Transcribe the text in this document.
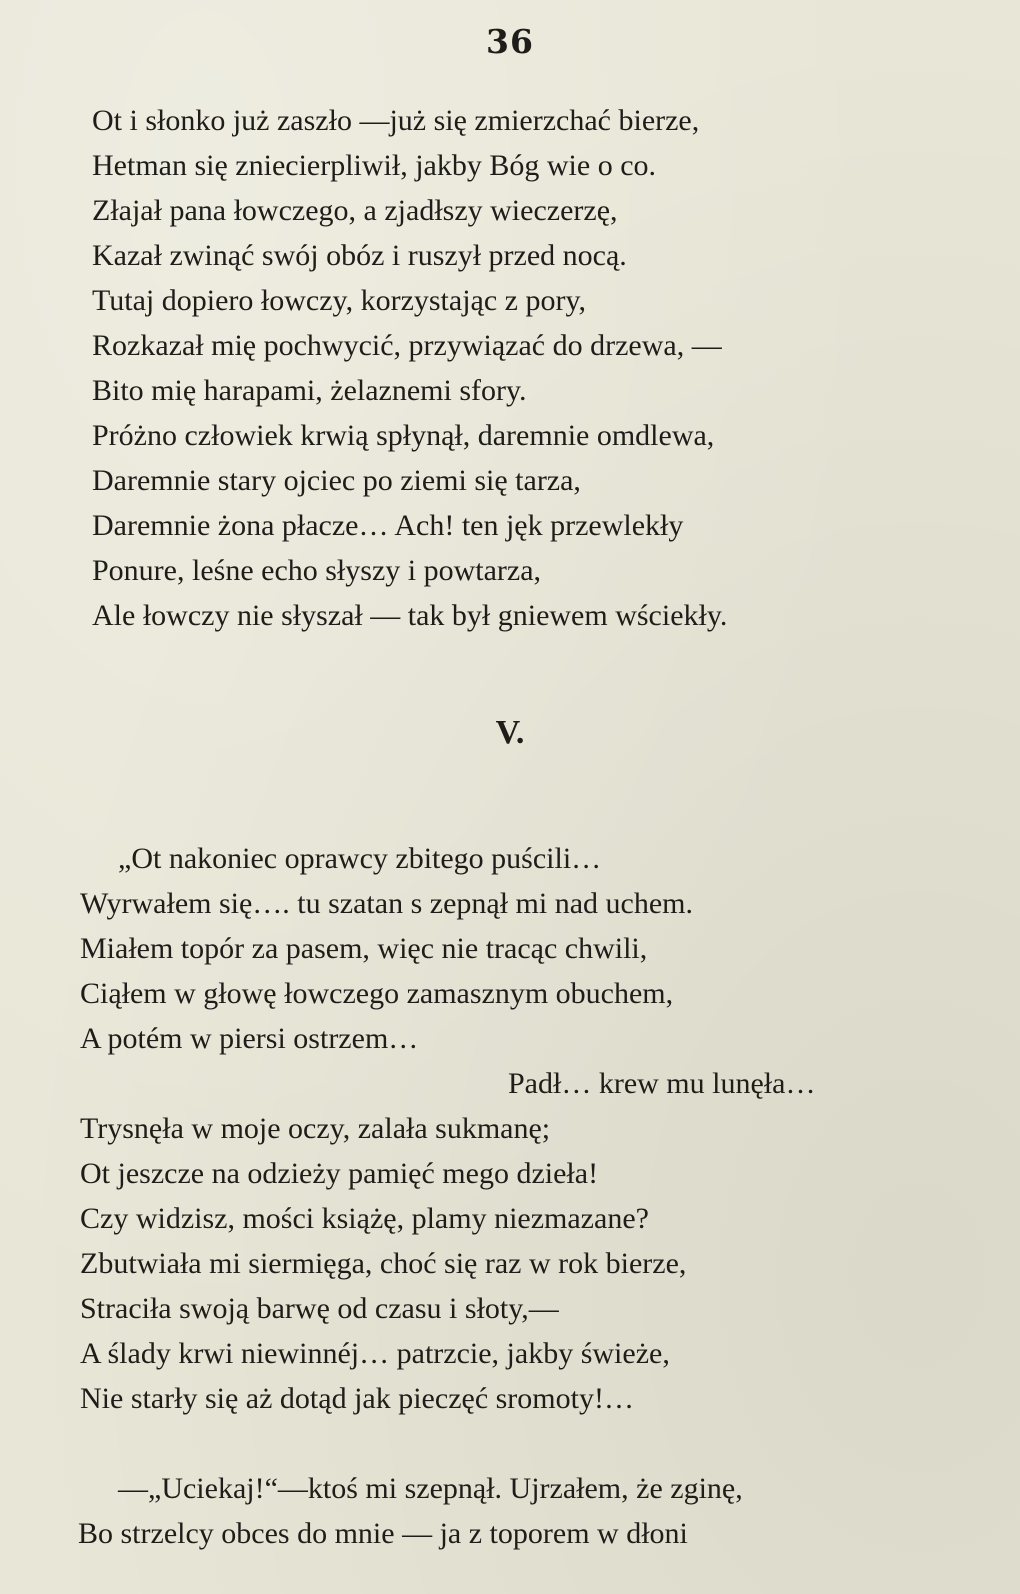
36
Ot i słonko już zaszło —już się zmierzchać bierze,
Hetman się zniecierpliwił, jakby Bóg wie o co.
Złajał pana łowczego, a zjadłszy wieczerzę,
Kazał zwinąć swój obóz i ruszył przed nocą.
Tutaj dopiero łowczy, korzystając z pory,
Rozkazał mię pochwycić, przywiązać do drzewa, —
Bito mię harapami, żelaznemi sfory.
Próżno człowiek krwią spłynął, daremnie omdlewa,
Daremnie stary ojciec po ziemi się tarza,
Daremnie żona płacze… Ach! ten jęk przewlekły
Ponure, leśne echo słyszy i powtarza,
Ale łowczy nie słyszał — tak był gniewem wściekły.
V.
„Ot nakoniec oprawcy zbitego puścili…
Wyrwałem się…. tu szatan s zepnął mi nad uchem.
Miałem topór za pasem, więc nie tracąc chwili,
Ciąłem w głowę łowczego zamasznym obuchem,
A potém w piersi ostrzem…
Padł… krew mu lunęła…
Trysnęła w moje oczy, zalała sukmanę;
Ot jeszcze na odzieży pamięć mego dzieła!
Czy widzisz, mości książę, plamy niezmazane?
Zbutwiała mi siermięga, choć się raz w rok bierze,
Straciła swoją barwę od czasu i słoty,—
A ślady krwi niewinnéj… patrzcie, jakby świeże,
Nie starły się aż dotąd jak pieczęć sromoty!…
—„Uciekaj!“—ktoś mi szepnął. Ujrzałem, że zginę,
Bo strzelcy obces do mnie — ja z toporem w dłoni
